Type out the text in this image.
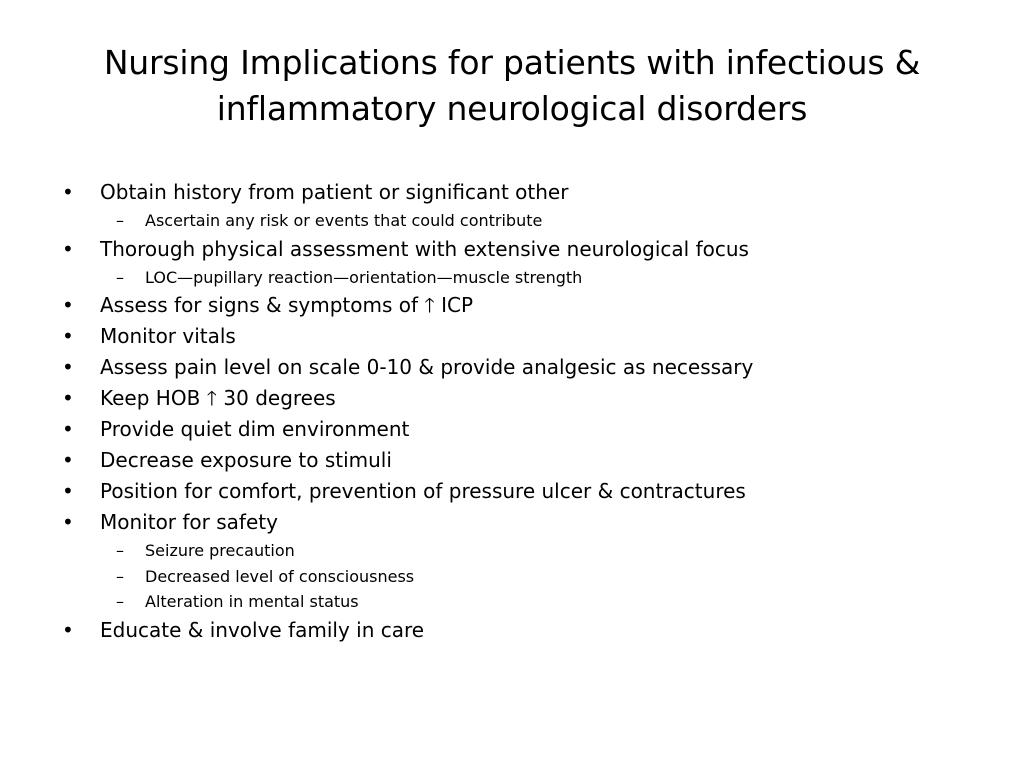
Nursing Implications for patients with infectious & inflammatory neurological disorders
•	Obtain history from patient or significant other
–	Ascertain any risk or events that could contribute
•	Thorough physical assessment with extensive neurological focus
–	LOC—pupillary reaction—orientation—muscle strength
•	Assess for signs & symptoms of 🡑 ICP
•	Monitor vitals
•	Assess pain level on scale 0-10 & provide analgesic as necessary
•	Keep HOB 🡑 30 degrees
•	Provide quiet dim environment
•	Decrease exposure to stimuli
•	Position for comfort, prevention of pressure ulcer & contractures
•	Monitor for safety
–	Seizure precaution
–	Decreased level of consciousness
–	Alteration in mental status
•	Educate & involve family in care
